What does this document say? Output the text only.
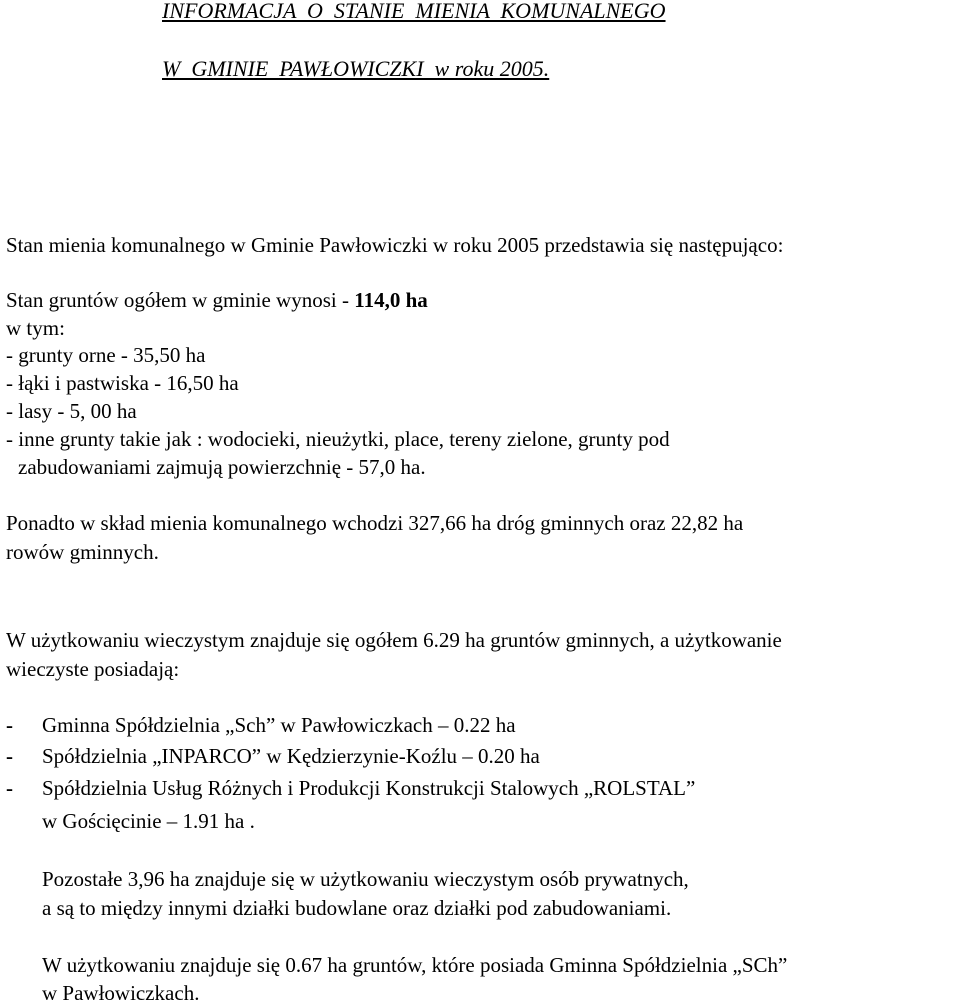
INFORMACJA  O  STANIE  MIENIA  KOMUNALNEGO
W  GMINIE  PAWŁOWICZKI  w roku 2005.
Stan mienia komunalnego w Gminie Pawłowiczki w roku 2005 przedstawia się następująco:
Stan gruntów ogółem w gminie wynosi - 114,0 ha
w tym:
- grunty orne - 35,50 ha
- łąki i pastwiska - 16,50 ha
- lasy - 5, 00 ha
- inne grunty takie jak : wodocieki, nieużytki, place, tereny zielone, grunty pod
zabudowaniami zajmują powierzchnię - 57,0 ha.
Ponadto w skład mienia komunalnego wchodzi 327,66 ha dróg gminnych oraz 22,82 ha
rowów gminnych.
W użytkowaniu wieczystym znajduje się ogółem 6.29 ha gruntów gminnych, a użytkowanie
wieczyste posiadają:
- Gminna Spółdzielnia „Sch” w Pawłowiczkach – 0.22 ha
- Spółdzielnia „INPARCO” w Kędzierzynie-Koźlu – 0.20 ha
- Spółdzielnia Usług Różnych i Produkcji Konstrukcji Stalowych „ROLSTAL”
w Gościęcinie – 1.91 ha .
Pozostałe 3,96 ha znajduje się w użytkowaniu wieczystym osób prywatnych,
a są to między innymi działki budowlane oraz działki pod zabudowaniami.
W użytkowaniu znajduje się 0.67 ha gruntów, które posiada Gminna Spółdzielnia „SCh”
w Pawłowiczkach.
